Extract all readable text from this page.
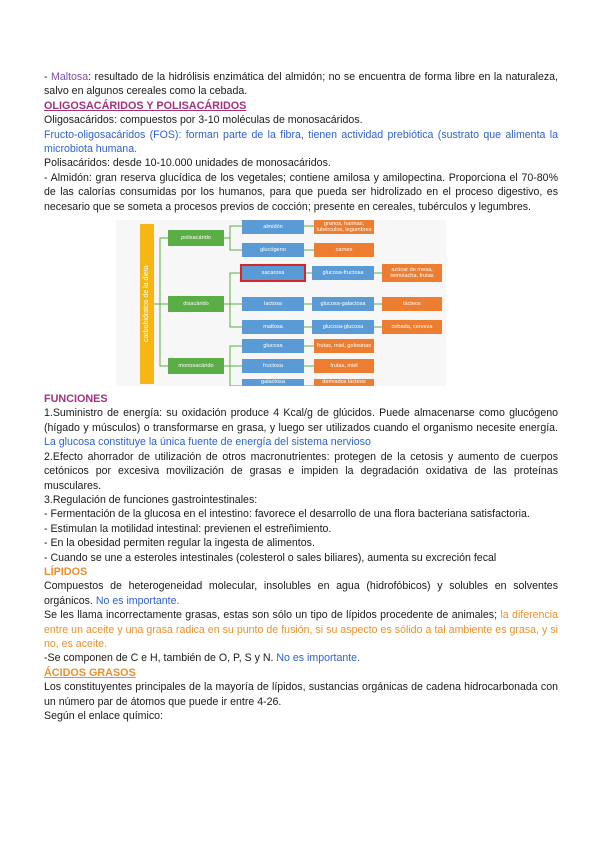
- Maltosa: resultado de la hidrólisis enzimática del almidón; no se encuentra de forma libre en la naturaleza, salvo en algunos cereales como la cebada.

OLIGOSACÁRIDOS Y POLISACÁRIDOS

Oligosacáridos: compuestos por 3-10 moléculas de monosacáridos.

Fructo-oligosacáridos (FOS): forman parte de la fibra, tienen actividad prebiótica (sustrato que alimenta la microbiota humana.

Polisacáridos: desde 10-10.000 unidades de monosacáridos.

- Almidón: gran reserva glucídica de los vegetales; contiene amilosa y amilopectina. Proporciona el 70-80% de las calorías consumidas por los humanos, para que pueda ser hidrolizado en el proceso digestivo, es necesario que se someta a procesos previos de cocción; presente en cereales, tubérculos y legumbres.

carbohidratos de la dieta
polisacárido
disacárido
monosacárido
almidón
glucógeno
sacarosa
lactosa
maltosa
glucosa
fructosa
galactosa
glucosa-fructosa
glucosa-galactosa
glucosa-glucosa
granos, harinas, tubérculos, legumbres
carnes
azúcar de mesa, remolacha, frutas
lácteos
cebada, cerveza
frutas, miel, golosinas
frutas, miel
derivados lácteos

FUNCIONES

1.Suministro de energía: su oxidación produce 4 Kcal/g de glúcidos. Puede almacenarse como glucógeno (hígado y músculos) o transformarse en grasa, y luego ser utilizados cuando el organismo necesite energía. La glucosa constituye la única fuente de energía del sistema nervioso

2.Efecto ahorrador de utilización de otros macronutrientes: protegen de la cetosis y aumento de cuerpos cetónicos por excesiva movilización de grasas e impiden la degradación oxidativa de las proteínas musculares.

3.Regulación de funciones gastrointestinales:

- Fermentación de la glucosa en el intestino: favorece el desarrollo de una flora bacteriana satisfactoria.

- Estimulan la motilidad intestinal: previenen el estreñimiento.

- En la obesidad permiten regular la ingesta de alimentos.

- Cuando se une a esteroles intestinales (colesterol o sales biliares), aumenta su excreción fecal

LÍPIDOS

Compuestos de heterogeneidad molecular, insolubles en agua (hidrofóbicos) y solubles en solventes orgánicos. No es importante.

Se les llama incorrectamente grasas, estas son sólo un tipo de lípidos procedente de animales; la diferencia entre un aceite y una grasa radica en su punto de fusión, si su aspecto es sólido a tal ambiente es grasa, y si no, es aceite.

-Se componen de C e H, también de O, P, S y N. No es importante.

ÁCIDOS GRASOS

Los constituyentes principales de la mayoría de lípidos, sustancias orgánicas de cadena hidrocarbonada con un número par de átomos que puede ir entre 4-26.

Según el enlace químico:
